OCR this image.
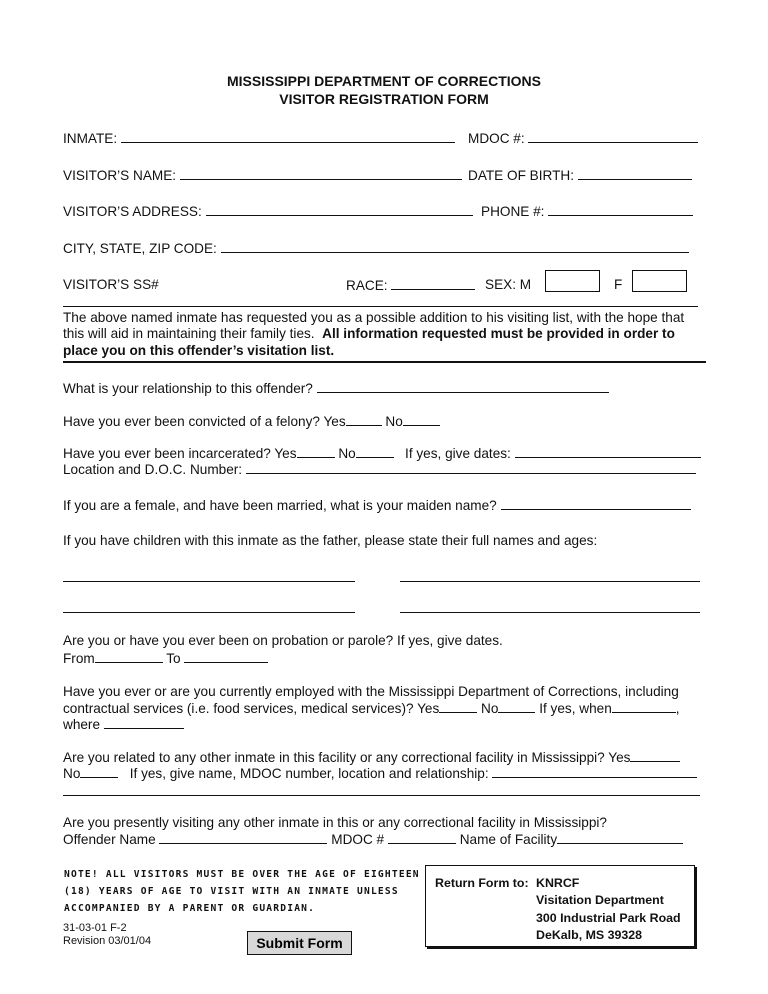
MISSISSIPPI DEPARTMENT OF CORRECTIONS
VISITOR REGISTRATION FORM
INMATE:	MDOC #:
VISITOR’S NAME:	DATE OF BIRTH:
VISITOR’S ADDRESS:	PHONE #:
CITY, STATE, ZIP CODE:
VISITOR’S SS#	RACE:	SEX: M	F
The above named inmate has requested you as a possible addition to his visiting list, with the hope that
this will aid in maintaining their family ties. All information requested must be provided in order to
place you on this offender’s visitation list.
What is your relationship to this offender?
Have you ever been convicted of a felony? Yes	No
Have you ever been incarcerated? Yes	No	If yes, give dates:
Location and D.O.C. Number:
If you are a female, and have been married, what is your maiden name?
If you have children with this inmate as the father, please state their full names and ages:
Are you or have you ever been on probation or parole? If yes, give dates.
From	To
Have you ever or are you currently employed with the Mississippi Department of Corrections, including
contractual services (i.e. food services, medical services)? Yes	No	If yes, when	,
where
Are you related to any other inmate in this facility or any correctional facility in Mississippi? Yes
No	If yes, give name, MDOC number, location and relationship:
Are you presently visiting any other inmate in this or any correctional facility in Mississippi?
Offender Name	MDOC #	Name of Facility
NOTE! ALL VISITORS MUST BE OVER THE AGE OF EIGHTEEN
(18) YEARS OF AGE TO VISIT WITH AN INMATE UNLESS
ACCOMPANIED BY A PARENT OR GUARDIAN.
Return Form to: KNRCF
Visitation Department
300 Industrial Park Road
DeKalb, MS 39328
31-03-01 F-2
Revision 03/01/04	Submit Form
